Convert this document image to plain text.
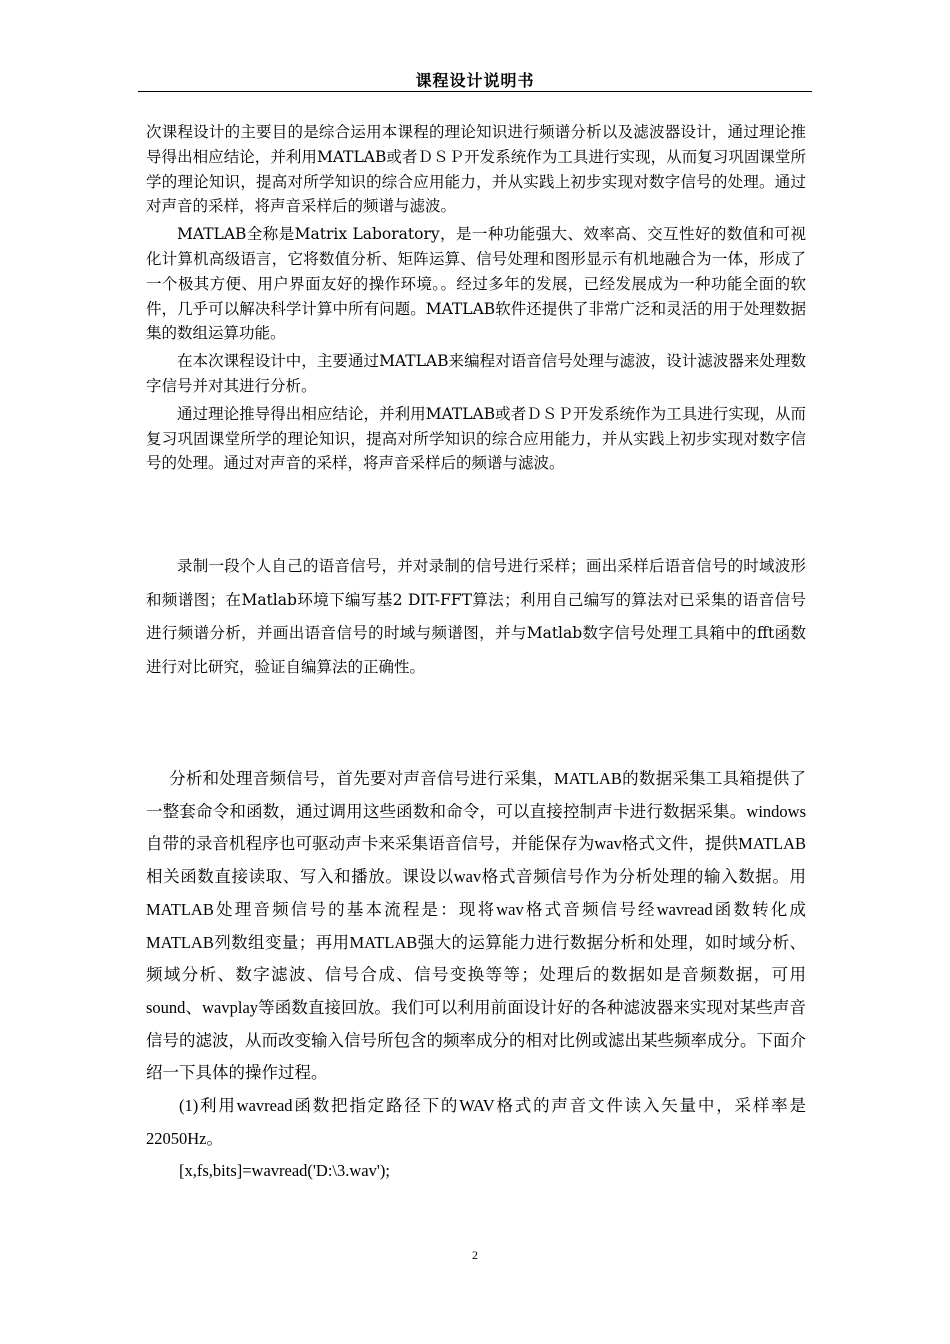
课程设计说明书

次课程设计的主要目的是综合运用本课程的理论知识进行频谱分析以及滤波器设计，通过理论推导得出相应结论，并利用MATLAB或者ＤＳＰ开发系统作为工具进行实现，从而复习巩固课堂所学的理论知识，提高对所学知识的综合应用能力，并从实践上初步实现对数字信号的处理。通过对声音的采样，将声音采样后的频谱与滤波。

MATLAB全称是Matrix Laboratory，是一种功能强大、效率高、交互性好的数值和可视化计算机高级语言，它将数值分析、矩阵运算、信号处理和图形显示有机地融合为一体，形成了一个极其方便、用户界面友好的操作环境。。经过多年的发展，已经发展成为一种功能全面的软件，几乎可以解决科学计算中所有问题。MATLAB软件还提供了非常广泛和灵活的用于处理数据集的数组运算功能。

在本次课程设计中，主要通过MATLAB来编程对语音信号处理与滤波，设计滤波器来处理数字信号并对其进行分析。

通过理论推导得出相应结论，并利用MATLAB或者ＤＳＰ开发系统作为工具进行实现，从而复习巩固课堂所学的理论知识，提高对所学知识的综合应用能力，并从实践上初步实现对数字信号的处理。通过对声音的采样，将声音采样后的频谱与滤波。

录制一段个人自己的语音信号，并对录制的信号进行采样；画出采样后语音信号的时域波形和频谱图；在Matlab环境下编写基2 DIT-FFT算法；利用自己编写的算法对已采集的语音信号进行频谱分析，并画出语音信号的时域与频谱图，并与Matlab数字信号处理工具箱中的fft函数进行对比研究，验证自编算法的正确性。

分析和处理音频信号，首先要对声音信号进行采集，MATLAB的数据采集工具箱提供了一整套命令和函数，通过调用这些函数和命令，可以直接控制声卡进行数据采集。windows自带的录音机程序也可驱动声卡来采集语音信号，并能保存为wav格式文件，提供MATLAB相关函数直接读取、写入和播放。课设以wav格式音频信号作为分析处理的输入数据。用MATLAB处理音频信号的基本流程是：现将wav格式音频信号经wavread函数转化成MATLAB列数组变量；再用MATLAB强大的运算能力进行数据分析和处理，如时域分析、频域分析、数字滤波、信号合成、信号变换等等；处理后的数据如是音频数据，可用sound、wavplay等函数直接回放。我们可以利用前面设计好的各种滤波器来实现对某些声音信号的滤波，从而改变输入信号所包含的频率成分的相对比例或滤出某些频率成分。下面介绍一下具体的操作过程。

(1)利用wavread函数把指定路径下的WAV格式的声音文件读入矢量中，采样率是22050Hz。

[x,fs,bits]=wavread('D:\3.wav');

2
